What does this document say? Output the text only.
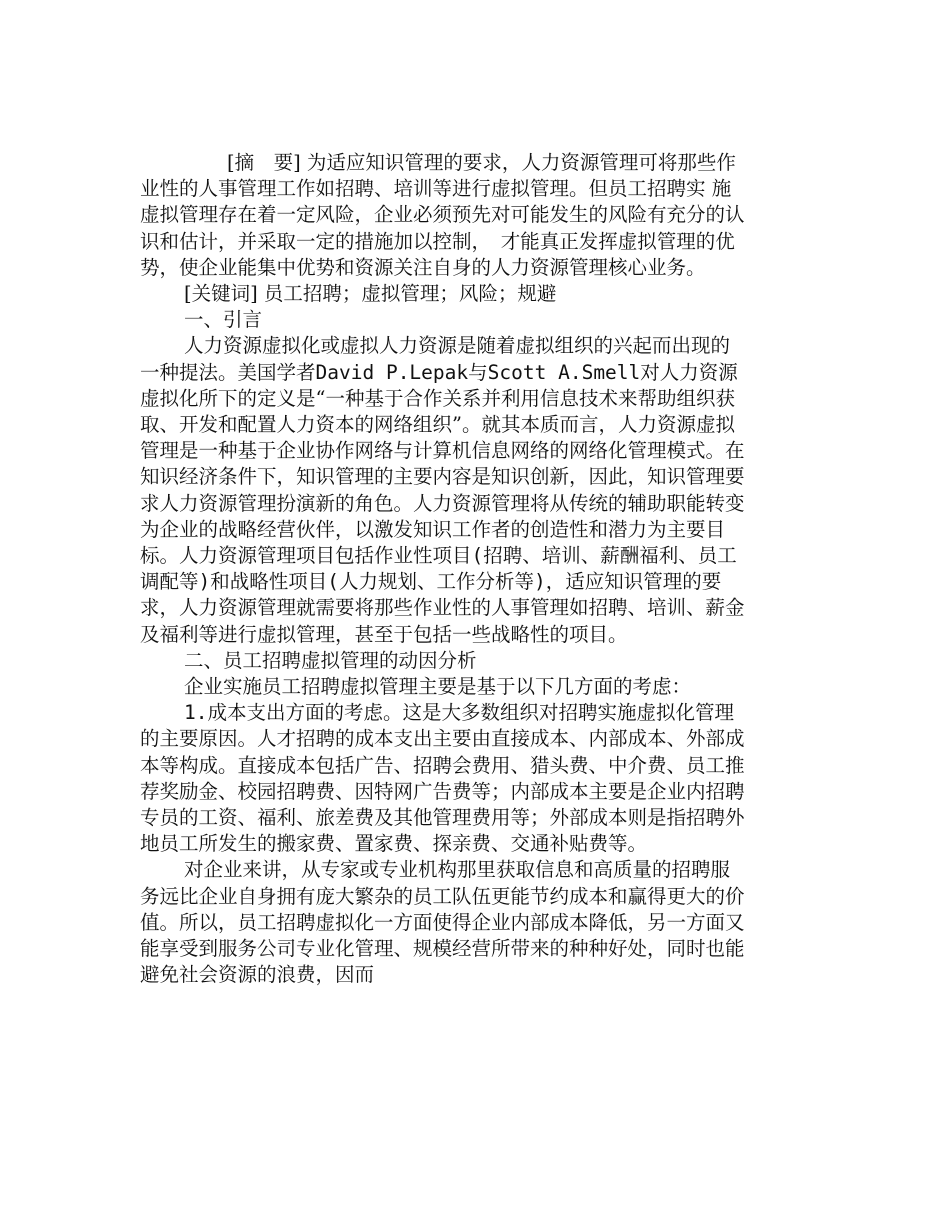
[摘　要] 为适应知识管理的要求，人力资源管理可将那些作业性的人事管理工作如招聘、培训等进行虚拟管理。但员工招聘实 施虚拟管理存在着一定风险，企业必须预先对可能发生的风险有充分的认识和估计，并采取一定的措施加以控制，　才能真正发挥虚拟管理的优势，使企业能集中优势和资源关注自身的人力资源管理核心业务。

[关键词] 员工招聘；虚拟管理；风险；规避

一、引言

人力资源虚拟化或虚拟人力资源是随着虚拟组织的兴起而出现的一种提法。美国学者David P.Lepak与Scott A.Smell对人力资源虚拟化所下的定义是“一种基于合作关系并利用信息技术来帮助组织获取、开发和配置人力资本的网络组织”。就其本质而言，人力资源虚拟管理是一种基于企业协作网络与计算机信息网络的网络化管理模式。在知识经济条件下，知识管理的主要内容是知识创新，因此，知识管理要求人力资源管理扮演新的角色。人力资源管理将从传统的辅助职能转变为企业的战略经营伙伴，以激发知识工作者的创造性和潜力为主要目标。人力资源管理项目包括作业性项目(招聘、培训、薪酬福利、员工调配等)和战略性项目(人力规划、工作分析等)，适应知识管理的要求，人力资源管理就需要将那些作业性的人事管理如招聘、培训、薪金及福利等进行虚拟管理，甚至于包括一些战略性的项目。

二、员工招聘虚拟管理的动因分析

企业实施员工招聘虚拟管理主要是基于以下几方面的考虑：

1.成本支出方面的考虑。这是大多数组织对招聘实施虚拟化管理的主要原因。人才招聘的成本支出主要由直接成本、内部成本、外部成本等构成。直接成本包括广告、招聘会费用、猎头费、中介费、员工推荐奖励金、校园招聘费、因特网广告费等；内部成本主要是企业内招聘专员的工资、福利、旅差费及其他管理费用等；外部成本则是指招聘外地员工所发生的搬家费、置家费、探亲费、交通补贴费等。

对企业来讲，从专家或专业机构那里获取信息和高质量的招聘服务远比企业自身拥有庞大繁杂的员工队伍更能节约成本和赢得更大的价值。所以，员工招聘虚拟化一方面使得企业内部成本降低，另一方面又能享受到服务公司专业化管理、规模经营所带来的种种好处，同时也能避免社会资源的浪费，因而
